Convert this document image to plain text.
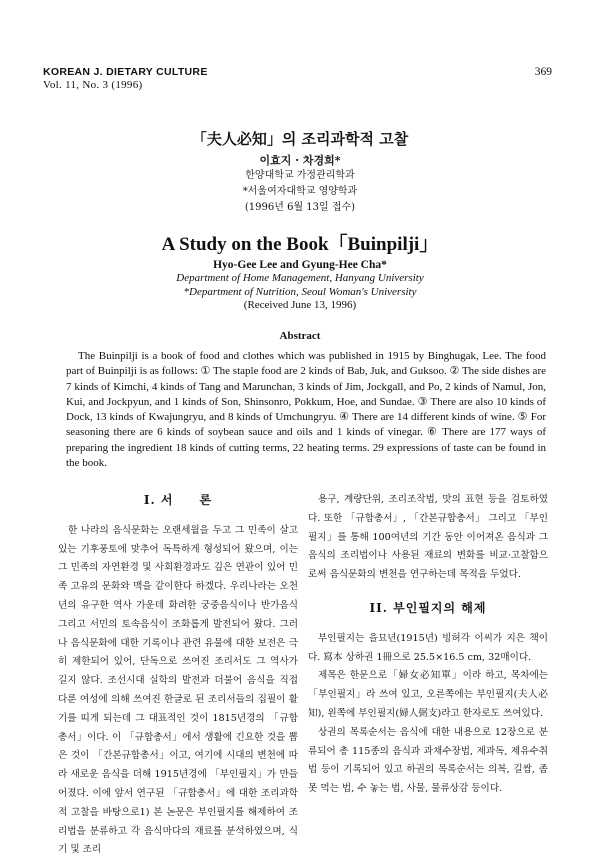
KOREAN J. DIETARY CULTURE
Vol. 11, No. 3 (1996)
369
「夫人必知」의 조리과학적 고찰
이효지 · 차경희*
한양대학교 가정관리학과
*서울여자대학교 영양학과
(1996년 6월 13일 접수)
A Study on the Book「Buinpilji」
Hyo-Gee Lee and Gyung-Hee Cha*
Department of Home Management, Hanyang University
*Department of Nutrition, Seoul Woman's University
(Received June 13, 1996)
Abstract
The Buinpilji is a book of food and clothes which was published in 1915 by Binghugak, Lee. The food part of Buinpilji is as follows: ① The staple food are 2 kinds of Bab, Juk, and Guksoo. ② The side dishes are 7 kinds of Kimchi, 4 kinds of Tang and Marunchan, 3 kinds of Jim, Jockgall, and Po, 2 kinds of Namul, Jon, Kui, and Jockpyun, and 1 kinds of Son, Shinsonro, Pokkum, Hoe, and Sundae. ③ There are also 10 kinds of Dock, 13 kinds of Kwajungryu, and 8 kinds of Umchungryu. ④ There are 14 different kinds of wine. ⑤ For seasoning there are 6 kinds of soybean sauce and oils and 1 kinds of vinegar. ⑥ There are 177 ways of preparing the ingredient 18 kinds of cutting terms, 22 heating terms. 29 expressions of taste can be found in the book.
I. 서　　론

한 나라의 음식문화는 오랜세월을 두고 그 민족이 살고있는 기후풍토에 맞추어 독특하게 형성되어 왔으며, 이는 그 민족의 자연환경 및 사회환경과도 깊은 연관이 있어 민족 고유의 문화와 맥을 같이한다 하겠다. 우리나라는 오천년의 유구한 역사 가운데 화려한 궁중음식이나 반가음식 그리고 서민의 토속음식이 조화롭게 발전되어 왔다. 그러나 음식문화에 대한 기록이나 관련 유물에 대한 보전은 극히 제한되어 있어, 단독으로 쓰여진 조리서도 그 역사가 길지 않다. 조선시대 실학의 발전과 더불어 음식을 직접 다룬 여성에 의해 쓰여진 한글로 된 조리서들의 집필이 활기를 띠게 되는데 그 대표적인 것이 1815년경의 「규합총서」이다. 이 「규합총서」에서 생활에 긴요한 것을 뽑은 것이 「간본규합총서」이고, 여기에 시대의 변천에 따라 새로운 음식을 더해 1915년경에 「부인필지」가 만들어졌다. 이에 앞서 연구된 「규합총서」에 대한 조리과학적 고찰을 바탕으로1) 본 논문은 부인필지를 해제하여 조리법을 분류하고 각 음식마다의 재료를 분석하였으며, 식기 및 조리

용구, 계량단위, 조리조작법, 맛의 표현 등을 검토하였다. 또한 「규합총서」, 「간본규합총서」 그리고 「부인필지」를 통해 100여년의 기간 동안 이어져온 음식과 그 음식의 조리법이나 사용된 재료의 변화를 비교·고찰함으로써 음식문화의 변천을 연구하는데 목적을 두었다.

II. 부인필지의 해제

부인필지는 을묘년(1915년) 빙허각 이씨가 지은 책이다. 寫本 상하권 1冊으로 25.5×16.5 cm, 32매이다.

제목은 한문으로「婦女必知單」이라 하고, 목차에는 「부인필지」라 쓰여 있고, 오른쪽에는 부인필지(夫人必知), 왼쪽에 부인필지(婦人弼支)라고 한자로도 쓰여있다.

상권의 목록순서는 음식에 대한 내용으로 12장으로 분류되어 총 115종의 음식과 과채수장법, 제과독, 제유수취법 등이 기록되어 있고 하권의 목록순서는 의복, 길쌈, 좀 못 먹는 법, 수 놓는 법, 사물, 물류상감 등이다.
